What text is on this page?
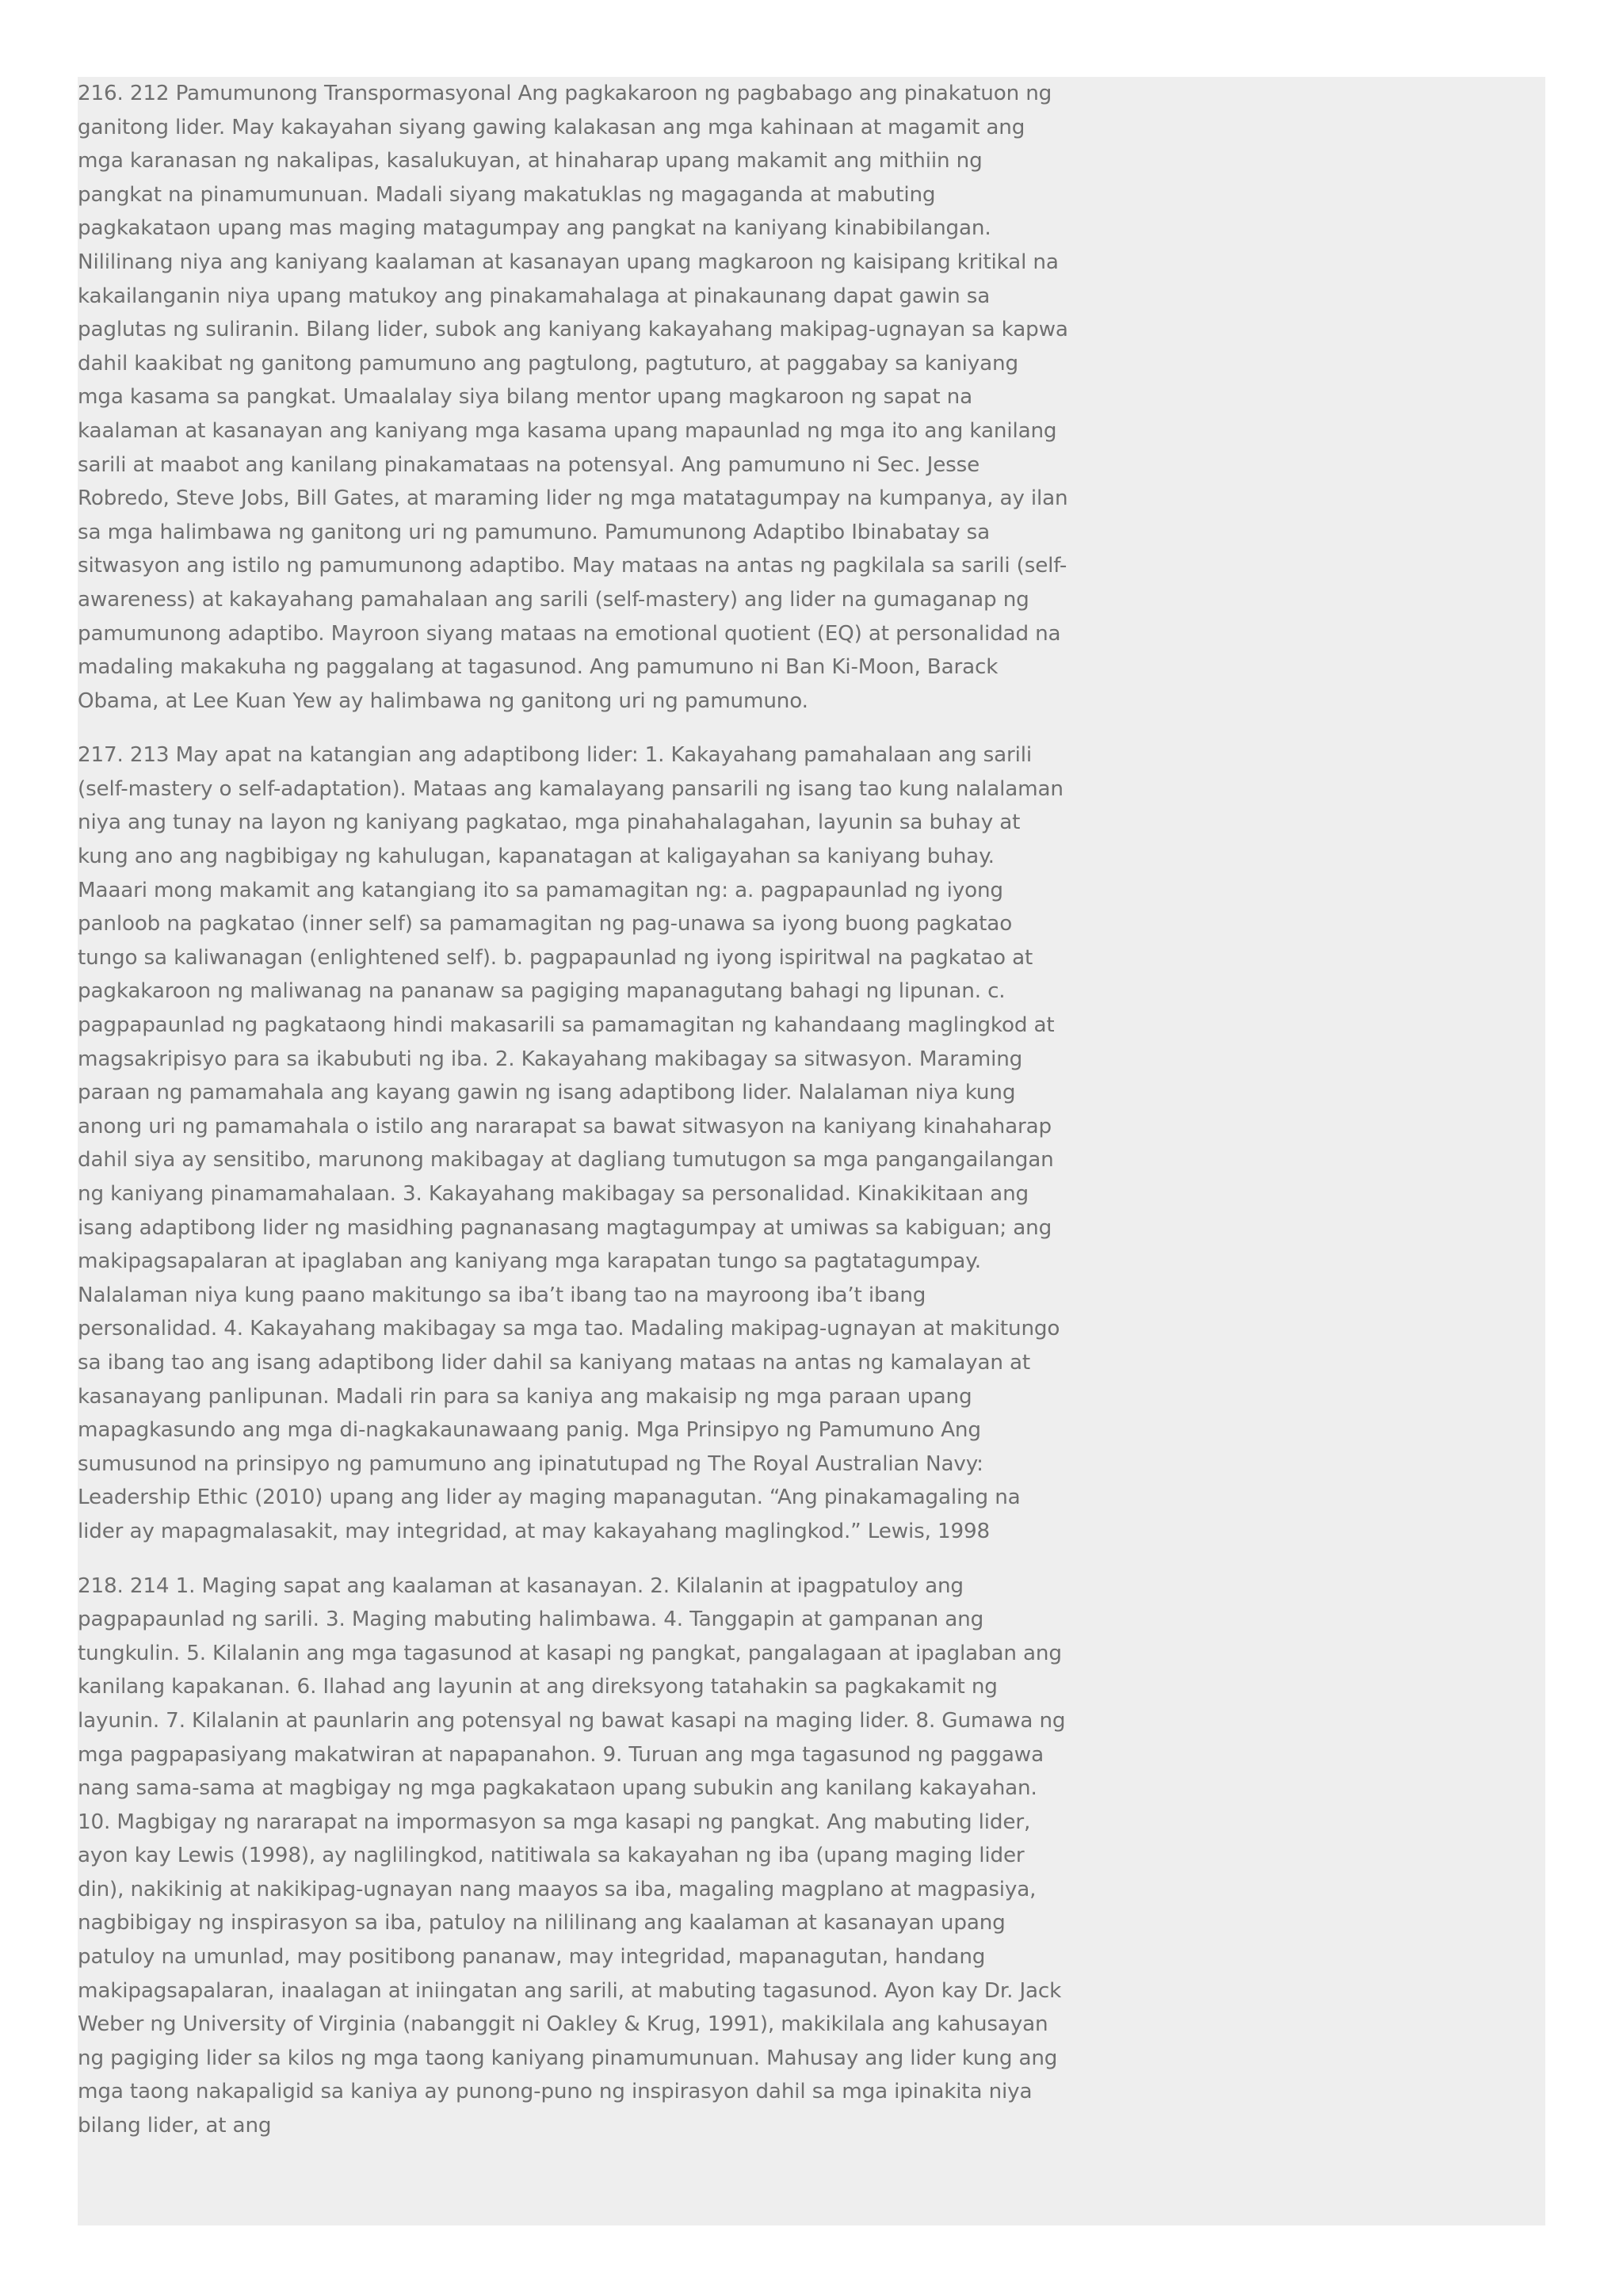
216. 212 Pamumunong Transpormasyonal Ang pagkakaroon ng pagbabago ang pinakatuon ng ganitong lider. May kakayahan siyang gawing kalakasan ang mga kahinaan at magamit ang mga karanasan ng nakalipas, kasalukuyan, at hinaharap upang makamit ang mithiin ng pangkat na pinamumunuan. Madali siyang makatuklas ng magaganda at mabuting pagkakataon upang mas maging matagumpay ang pangkat na kaniyang kinabibilangan. Nililinang niya ang kaniyang kaalaman at kasanayan upang magkaroon ng kaisipang kritikal na kakailanganin niya upang matukoy ang pinakamahalaga at pinakaunang dapat gawin sa paglutas ng suliranin. Bilang lider, subok ang kaniyang kakayahang makipag-ugnayan sa kapwa dahil kaakibat ng ganitong pamumuno ang pagtulong, pagtuturo, at paggabay sa kaniyang mga kasama sa pangkat. Umaalalay siya bilang mentor upang magkaroon ng sapat na kaalaman at kasanayan ang kaniyang mga kasama upang mapaunlad ng mga ito ang kanilang sarili at maabot ang kanilang pinakamataas na potensyal. Ang pamumuno ni Sec. Jesse Robredo, Steve Jobs, Bill Gates, at maraming lider ng mga matatagumpay na kumpanya, ay ilan sa mga halimbawa ng ganitong uri ng pamumuno. Pamumunong Adaptibo Ibinabatay sa sitwasyon ang istilo ng pamumunong adaptibo. May mataas na antas ng pagkilala sa sarili (self-awareness) at kakayahang pamahalaan ang sarili (self-mastery) ang lider na gumaganap ng pamumunong adaptibo. Mayroon siyang mataas na emotional quotient (EQ) at personalidad na madaling makakuha ng paggalang at tagasunod. Ang pamumuno ni Ban Ki-Moon, Barack Obama, at Lee Kuan Yew ay halimbawa ng ganitong uri ng pamumuno.

217. 213 May apat na katangian ang adaptibong lider: 1. Kakayahang pamahalaan ang sarili (self-mastery o self-adaptation). Mataas ang kamalayang pansarili ng isang tao kung nalalaman niya ang tunay na layon ng kaniyang pagkatao, mga pinahahalagahan, layunin sa buhay at kung ano ang nagbibigay ng kahulugan, kapanatagan at kaligayahan sa kaniyang buhay. Maaari mong makamit ang katangiang ito sa pamamagitan ng: a. pagpapaunlad ng iyong panloob na pagkatao (inner self) sa pamamagitan ng pag-unawa sa iyong buong pagkatao tungo sa kaliwanagan (enlightened self). b. pagpapaunlad ng iyong ispiritwal na pagkatao at pagkakaroon ng maliwanag na pananaw sa pagiging mapanagutang bahagi ng lipunan. c. pagpapaunlad ng pagkataong hindi makasarili sa pamamagitan ng kahandaang maglingkod at magsakripisyo para sa ikabubuti ng iba. 2. Kakayahang makibagay sa sitwasyon. Maraming paraan ng pamamahala ang kayang gawin ng isang adaptibong lider. Nalalaman niya kung anong uri ng pamamahala o istilo ang nararapat sa bawat sitwasyon na kaniyang kinahaharap dahil siya ay sensitibo, marunong makibagay at dagliang tumutugon sa mga pangangailangan ng kaniyang pinamamahalaan. 3. Kakayahang makibagay sa personalidad. Kinakikitaan ang isang adaptibong lider ng masidhing pagnanasang magtagumpay at umiwas sa kabiguan; ang makipagsapalaran at ipaglaban ang kaniyang mga karapatan tungo sa pagtatagumpay. Nalalaman niya kung paano makitungo sa iba’t ibang tao na mayroong iba’t ibang personalidad. 4. Kakayahang makibagay sa mga tao. Madaling makipag-ugnayan at makitungo sa ibang tao ang isang adaptibong lider dahil sa kaniyang mataas na antas ng kamalayan at kasanayang panlipunan. Madali rin para sa kaniya ang makaisip ng mga paraan upang mapagkasundo ang mga di-nagkakaunawaang panig. Mga Prinsipyo ng Pamumuno Ang sumusunod na prinsipyo ng pamumuno ang ipinatutupad ng The Royal Australian Navy: Leadership Ethic (2010) upang ang lider ay maging mapanagutan. “Ang pinakamagaling na lider ay mapagmalasakit, may integridad, at may kakayahang maglingkod.” Lewis, 1998

218. 214 1. Maging sapat ang kaalaman at kasanayan. 2. Kilalanin at ipagpatuloy ang pagpapaunlad ng sarili. 3. Maging mabuting halimbawa. 4. Tanggapin at gampanan ang tungkulin. 5. Kilalanin ang mga tagasunod at kasapi ng pangkat, pangalagaan at ipaglaban ang kanilang kapakanan. 6. Ilahad ang layunin at ang direksyong tatahakin sa pagkakamit ng layunin. 7. Kilalanin at paunlarin ang potensyal ng bawat kasapi na maging lider. 8. Gumawa ng mga pagpapasiyang makatwiran at napapanahon. 9. Turuan ang mga tagasunod ng paggawa nang sama-sama at magbigay ng mga pagkakataon upang subukin ang kanilang kakayahan. 10. Magbigay ng nararapat na impormasyon sa mga kasapi ng pangkat. Ang mabuting lider, ayon kay Lewis (1998), ay naglilingkod, natitiwala sa kakayahan ng iba (upang maging lider din), nakikinig at nakikipag-ugnayan nang maayos sa iba, magaling magplano at magpasiya, nagbibigay ng inspirasyon sa iba, patuloy na nililinang ang kaalaman at kasanayan upang patuloy na umunlad, may positibong pananaw, may integridad, mapanagutan, handang makipagsapalaran, inaalagan at iniingatan ang sarili, at mabuting tagasunod. Ayon kay Dr. Jack Weber ng University of Virginia (nabanggit ni Oakley & Krug, 1991), makikilala ang kahusayan ng pagiging lider sa kilos ng mga taong kaniyang pinamumunuan. Mahusay ang lider kung ang mga taong nakapaligid sa kaniya ay punong-puno ng inspirasyon dahil sa mga ipinakita niya bilang lider, at ang
